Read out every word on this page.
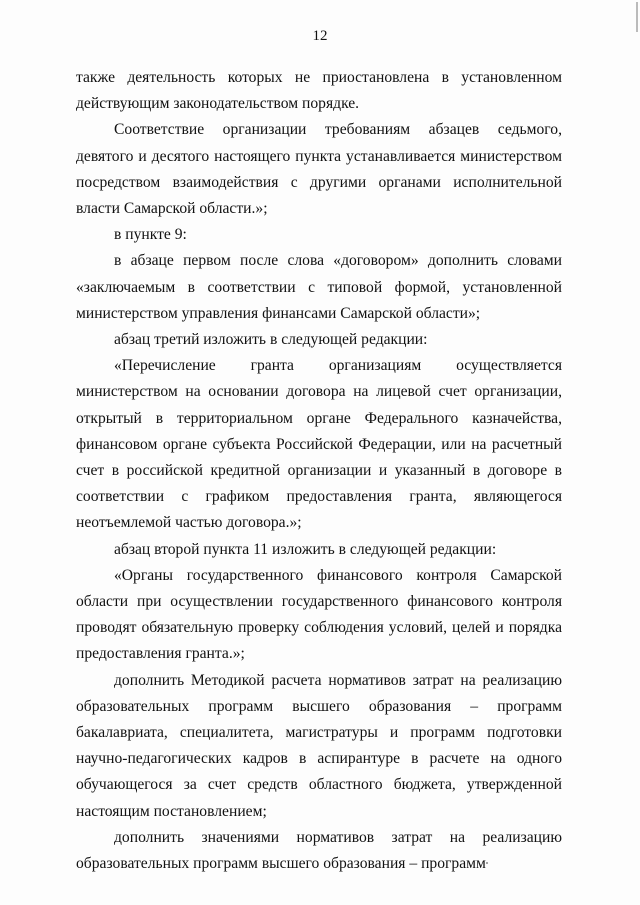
12

также деятельность которых не приостановлена в установленном действующим законодательством порядке.

Соответствие организации требованиям абзацев седьмого, девятого и десятого настоящего пункта устанавливается министерством посредством взаимодействия с другими органами исполнительной власти Самарской области.»;

в пункте 9:

в абзаце первом после слова «договором» дополнить словами «заключаемым в соответствии с типовой формой, установленной министерством управления финансами Самарской области»;

абзац третий изложить в следующей редакции:

«Перечисление гранта организациям осуществляется министерством на основании договора на лицевой счет организации, открытый в территориальном органе Федерального казначейства, финансовом органе субъекта Российской Федерации, или на расчетный счет в российской кредитной организации и указанный в договоре в соответствии с графиком предоставления гранта, являющегося неотъемлемой частью договора.»;

абзац второй пункта 11 изложить в следующей редакции:

«Органы государственного финансового контроля Самарской области при осуществлении государственного финансового контроля проводят обязательную проверку соблюдения условий, целей и порядка предоставления гранта.»;

дополнить Методикой расчета нормативов затрат на реализацию образовательных программ высшего образования – программ бакалавриата, специалитета, магистратуры и программ подготовки научно-педагогических кадров в аспирантуре в расчете на одного обучающегося за счет средств областного бюджета, утвержденной настоящим постановлением;

дополнить значениями нормативов затрат на реализацию образовательных программ высшего образования – программ
